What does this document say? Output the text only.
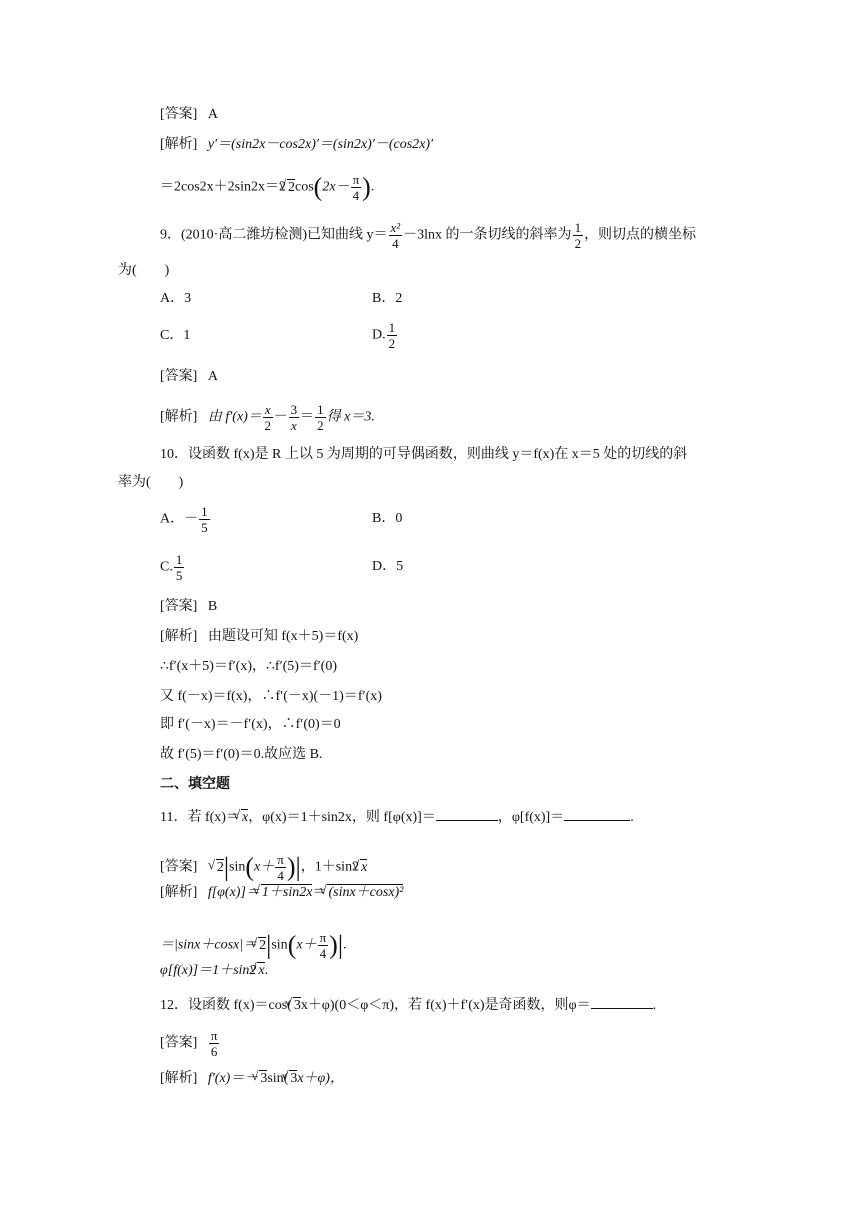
[答案] A
[解析] y′＝(sin2x－cos2x)′＝(sin2x)′－(cos2x)′
＝2cos2x＋2sin2x＝2 √ $2\cos(2x- \frac{\pi}{4}$ ).
9．(2010·高二潍坊检测)已知曲线 $y= \frac{\text{x²}}{4} -3\ln x$ 的一条切线的斜率为 $\frac{1}{2}$ ，则切点的横坐标
为(　　)
A．3	B．2
C．1	D. $\frac{1}{2}$
[答案] A
[解析] 由 $f'(x)= \frac{x}{2} - \frac{3}{x} = \frac{1}{2}$ 得 x＝3.
10．设函数 f(x)是 R 上以 5 为周期的可导偶函数，则曲线 y＝f(x)在 x＝5 处的切线的斜
率为(　　)
A．－ $\frac{1}{5}$	B．0
C. $\frac{1}{5}$	D．5
[答案] B
[解析] 由题设可知 f(x＋5)＝f(x)
∴f′(x＋5)＝f′(x)，∴f′(5)＝f′(0)
又 f(－x)＝f(x)，∴f′(－x)(－1)＝f′(x)
即 f′(－x)＝－f′(x)，∴f′(0)＝0
故 f′(5)＝f′(0)＝0.故应选 B.
二、填空题
11．若 f(x)＝ √ x，φ(x)＝1＋sin2x，则 f[φ(x)]＝	，φ[f(x)]＝	.
[答案] √ $2|\sin(x+ \frac{\pi}{4}$ )|，1＋sin2 √ x
[解析] f[φ(x)]＝ √ 1＋sin2x＝ √ (sinx＋cosx)²
＝|sinx＋cosx|＝ √ $2|\sin(x+ \frac{\pi}{4}$ )|.
φ[f(x)]＝1＋sin2 √ x.
12．设函数 f(x)＝cos( √ 3x＋φ)(0＜φ＜π)，若 f(x)＋f′(x)是奇函数，则φ＝	.
[答案] $\frac{\pi}{6}$
[解析] f′(x)＝－ √ 3sin( √ 3x＋φ)，
